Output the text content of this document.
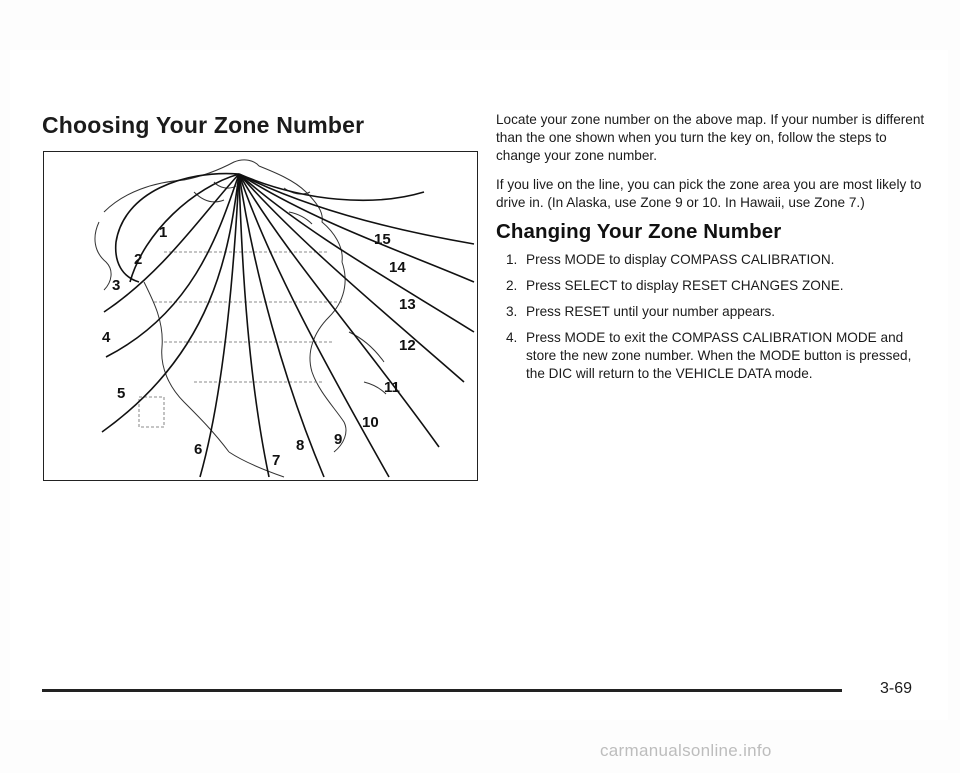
Choosing Your Zone Number
1
2
3
4
5
6
7
8 9
10
11
12
13
14
15

Locate your zone number on the above map. If your number is different than the one shown when you turn the key on, follow the steps to change your zone number.

If you live on the line, you can pick the zone area you are most likely to drive in. (In Alaska, use Zone 9 or 10. In Hawaii, use Zone 7.)

Changing Your Zone Number
1. Press MODE to display COMPASS CALIBRATION.
2. Press SELECT to display RESET CHANGES ZONE.
3. Press RESET until your number appears.
4. Press MODE to exit the COMPASS CALIBRATION MODE and store the new zone number. When the MODE button is pressed, the DIC will return to the VEHICLE DATA mode.
3-69
carmanualsonline.info
